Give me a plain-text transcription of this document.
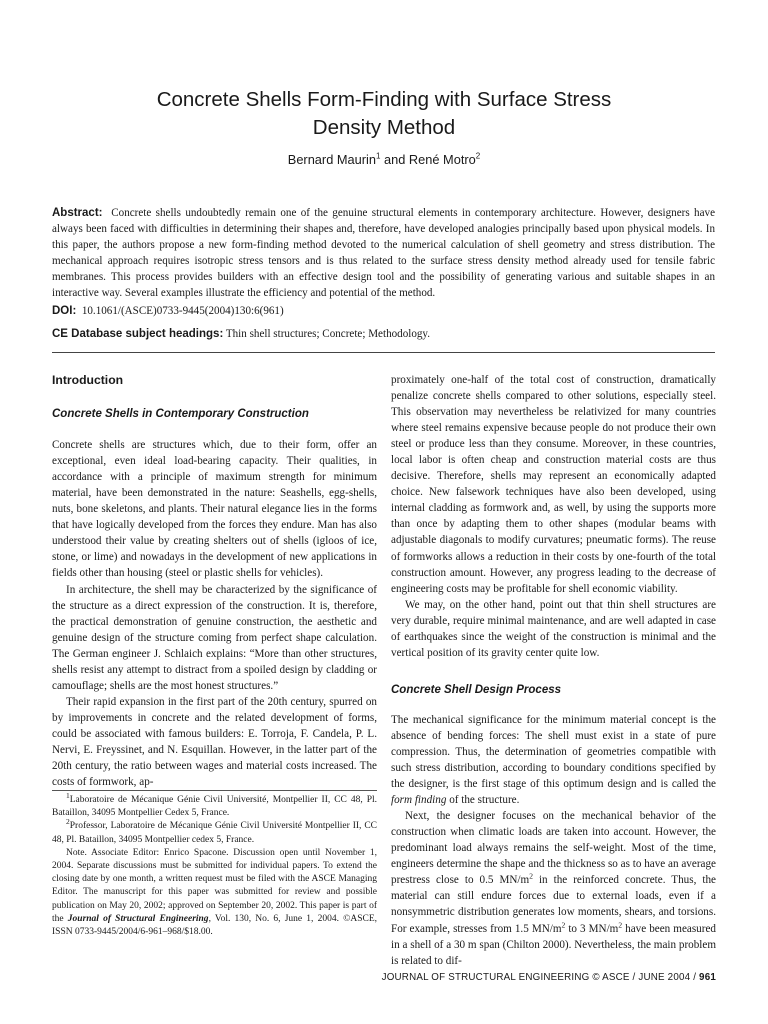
Concrete Shells Form-Finding with Surface Stress
Density Method
Bernard Maurin$^1$ and René Motro$^2$
Abstract: Concrete shells undoubtedly remain one of the genuine structural elements in contemporary architecture. However, designers have always been faced with difficulties in determining their shapes and, therefore, have developed analogies principally based upon physical models. In this paper, the authors propose a new form-finding method devoted to the numerical calculation of shell geometry and stress distribution. The mechanical approach requires isotropic stress tensors and is thus related to the surface stress density method already used for tensile fabric membranes. This process provides builders with an effective design tool and the possibility of generating various and suitable shapes in an interactive way. Several examples illustrate the efficiency and potential of the method.
DOI: 10.1061/(ASCE)0733-9445(2004)130:6(961)
CE Database subject headings: Thin shell structures; Concrete; Methodology.
Introduction
Concrete Shells in Contemporary Construction

Concrete shells are structures which, due to their form, offer an exceptional, even ideal load-bearing capacity. Their qualities, in accordance with a principle of maximum strength for minimum material, have been demonstrated in the nature: Seashells, egg-shells, nuts, bone skeletons, and plants. Their natural elegance lies in the forms that have logically developed from the forces they endure. Man has also understood their value by creating shelters out of shells (igloos of ice, stone, or lime) and nowadays in the development of new applications in fields other than housing (steel or plastic shells for vehicles).

In architecture, the shell may be characterized by the significance of the structure as a direct expression of the construction. It is, therefore, the practical demonstration of genuine construction, the aesthetic and genuine design of the structure coming from perfect shape calculation. The German engineer J. Schlaich explains: “More than other structures, shells resist any attempt to distract from a spoiled design by cladding or camouflage; shells are the most honest structures.”

Their rapid expansion in the first part of the 20th century, spurred on by improvements in concrete and the related development of forms, could be associated with famous builders: E. Torroja, F. Candela, P. L. Nervi, E. Freyssinet, and N. Esquillan. However, in the latter part of the 20th century, the ratio between wages and material costs increased. The costs of formwork, ap-

$^1$Laboratoire de Mécanique Génie Civil Université, Montpellier II, CC 48, Pl. Bataillon, 34095 Montpellier Cedex 5, France.

$^2$Professor, Laboratoire de Mécanique Génie Civil Université Montpellier II, CC 48, Pl. Bataillon, 34095 Montpellier cedex 5, France.

Note. Associate Editor: Enrico Spacone. Discussion open until November 1, 2004. Separate discussions must be submitted for individual papers. To extend the closing date by one month, a written request must be filed with the ASCE Managing Editor. The manuscript for this paper was submitted for review and possible publication on May 20, 2002; approved on September 20, 2002. This paper is part of the Journal of Structural Engineering, Vol. 130, No. 6, June 1, 2004. ©ASCE, ISSN 0733-9445/2004/6-961–968/$18.00.

proximately one-half of the total cost of construction, dramatically penalize concrete shells compared to other solutions, especially steel. This observation may nevertheless be relativized for many countries where steel remains expensive because people do not produce their own steel or produce less than they consume. Moreover, in these countries, local labor is often cheap and construction material costs are thus decisive. Therefore, shells may represent an economically adapted choice. New falsework techniques have also been developed, using internal cladding as formwork and, as well, by using the supports more than once by adapting them to other shapes (modular beams with adjustable diagonals to modify curvatures; pneumatic forms). The reuse of formworks allows a reduction in their costs by one-fourth of the total construction amount. However, any progress leading to the decrease of engineering costs may be profitable for shell economic viability.

We may, on the other hand, point out that thin shell structures are very durable, require minimal maintenance, and are well adapted in case of earthquakes since the weight of the construction is minimal and the vertical position of its gravity center quite low.

Concrete Shell Design Process

The mechanical significance for the minimum material concept is the absence of bending forces: The shell must exist in a state of pure compression. Thus, the determination of geometries compatible with such stress distribution, according to boundary conditions specified by the designer, is the first stage of this optimum design and is called the form finding of the structure.

Next, the designer focuses on the mechanical behavior of the construction when climatic loads are taken into account. However, the predominant load always remains the self-weight. Most of the time, engineers determine the shape and the thickness so as to have an average prestress close to 0.5 $MN/m^2$ in the reinforced concrete. Thus, the material can still endure forces due to external loads, even if a nonsymmetric distribution generates low moments, shears, and torsions. For example, stresses from 1.5 $MN/m^2$ to 3 $MN/m^2$ have been measured in a shell of a 30 m span (Chilton 2000). Nevertheless, the main problem is related to dif-

JOURNAL OF STRUCTURAL ENGINEERING © ASCE / JUNE 2004 / 961
